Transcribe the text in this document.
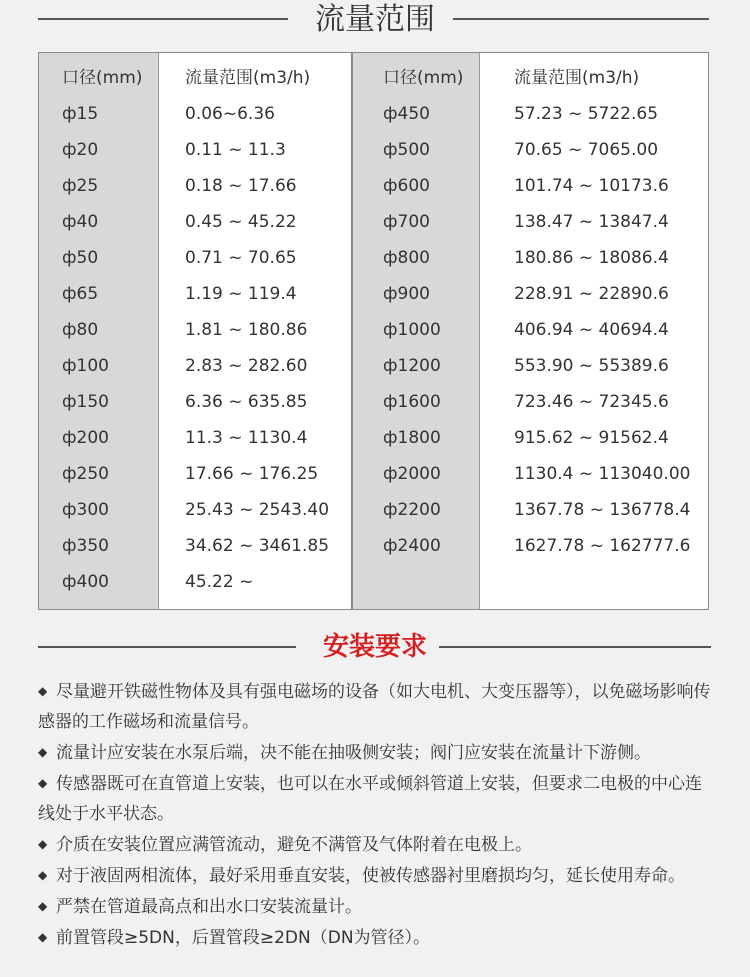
流量范围
口径(mm)	流量范围(m3/h)	口径(mm)	流量范围(m3/h)
ф15	0.06~6.36	ф450	57.23 ~ 5722.65
ф20	0.11 ~ 11.3	ф500	70.65 ~ 7065.00
ф25	0.18 ~ 17.66	ф600	101.74 ~ 10173.6
ф40	0.45 ~ 45.22	ф700	138.47 ~ 13847.4
ф50	0.71 ~ 70.65	ф800	180.86 ~ 18086.4
ф65	1.19 ~ 119.4	ф900	228.91 ~ 22890.6
ф80	1.81 ~ 180.86	ф1000	406.94 ~ 40694.4
ф100	2.83 ~ 282.60	ф1200	553.90 ~ 55389.6
ф150	6.36 ~ 635.85	ф1600	723.46 ~ 72345.6
ф200	11.3 ~ 1130.4	ф1800	915.62 ~ 91562.4
ф250	17.66 ~ 176.25	ф2000	1130.4 ~ 113040.00
ф300	25.43 ~ 2543.40	ф2200	1367.78 ~ 136778.4
ф350	34.62 ~ 3461.85	ф2400	1627.78 ~ 162777.6
ф400	45.22 ~
安装要求

◆ 尽量避开铁磁性物体及具有强电磁场的设备（如大电机、大变压器等），以免磁场影响传感器的工作磁场和流量信号。

◆ 流量计应安装在水泵后端，决不能在抽吸侧安装；阀门应安装在流量计下游侧。

◆ 传感器既可在直管道上安装，也可以在水平或倾斜管道上安装，但要求二电极的中心连线处于水平状态。

◆ 介质在安装位置应满管流动，避免不满管及气体附着在电极上。

◆ 对于液固两相流体，最好采用垂直安装，使被传感器衬里磨损均匀，延长使用寿命。

◆ 严禁在管道最高点和出水口安装流量计。

◆ 前置管段≥5DN，后置管段≥2DN（DN为管径）。
